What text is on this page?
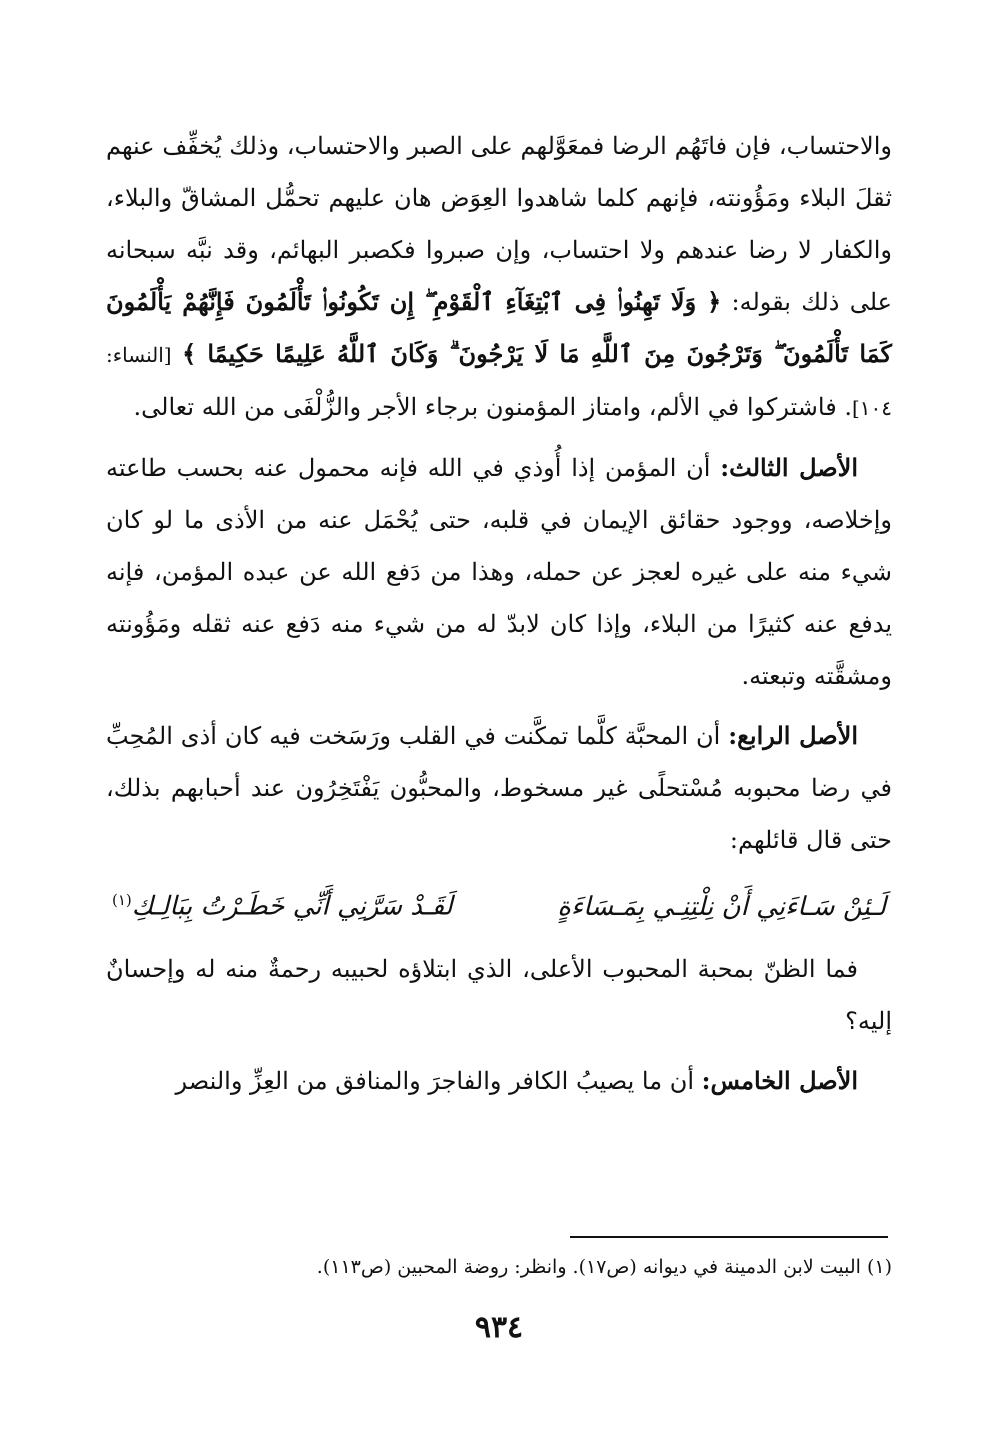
والاحتساب، فإن فاتَهُم الرضا فمعَوَّلهم على الصبر والاحتساب، وذلك يُخفِّف عنهم ثقلَ البلاء ومَؤُونته، فإنهم كلما شاهدوا العِوَض هان عليهم تحمُّل المشاقّ والبلاء، والكفار لا رضا عندهم ولا احتساب، وإن صبروا فكصبر البهائم، وقد نبَّه سبحانه على ذلك بقوله: ﴿ وَلَا تَهِنُوا۟ فِى ٱبْتِغَآءِ ٱلْقَوْمِ ۖ إِن تَكُونُوا۟ تَأْلَمُونَ فَإِنَّهُمْ يَأْلَمُونَ كَمَا تَأْلَمُونَ ۖ وَتَرْجُونَ مِنَ ٱللَّهِ مَا لَا يَرْجُونَ ۗ وَكَانَ ٱللَّهُ عَلِيمًا حَكِيمًا ﴾ [النساء: ١٠٤]. فاشتركوا في الألم، وامتاز المؤمنون برجاء الأجر والزُّلْفَى من الله تعالى.

الأصل الثالث: أن المؤمن إذا أُوذي في الله فإنه محمول عنه بحسب طاعته وإخلاصه، ووجود حقائق الإيمان في قلبه، حتى يُحْمَل عنه من الأذى ما لو كان شيء منه على غيره لعجز عن حمله، وهذا من دَفع الله عن عبده المؤمن، فإنه يدفع عنه كثيرًا من البلاء، وإذا كان لابدّ له من شيء منه دَفع عنه ثقله ومَؤُونته ومشقَّته وتبعته.

الأصل الرابع: أن المحبَّة كلَّما تمكَّنت في القلب ورَسَخت فيه كان أذى المُحِبِّ في رضا محبوبه مُسْتحلًى غير مسخوط، والمحبُّون يَفْتَخِرُون عند أحبابهم بذلك، حتى قال قائلهم:

لَـئِنْ سَـاءَنِي أَنْ نِلْتِنِـي بِمَـسَاءَةٍ
لَقَـدْ سَرَّنِي أَنِّي خَطَـرْتُ بِبَالِـكِ$^{(١)}$

فما الظنّ بمحبة المحبوب الأعلى، الذي ابتلاؤه لحبيبه رحمةٌ منه له وإحسانٌ إليه؟

الأصل الخامس: أن ما يصيبُ الكافر والفاجرَ والمنافق من العِزِّ والنصر

(١) البيت لابن الدمينة في ديوانه (ص١٧). وانظر: روضة المحبين (ص١١٣).
٩٣٤
